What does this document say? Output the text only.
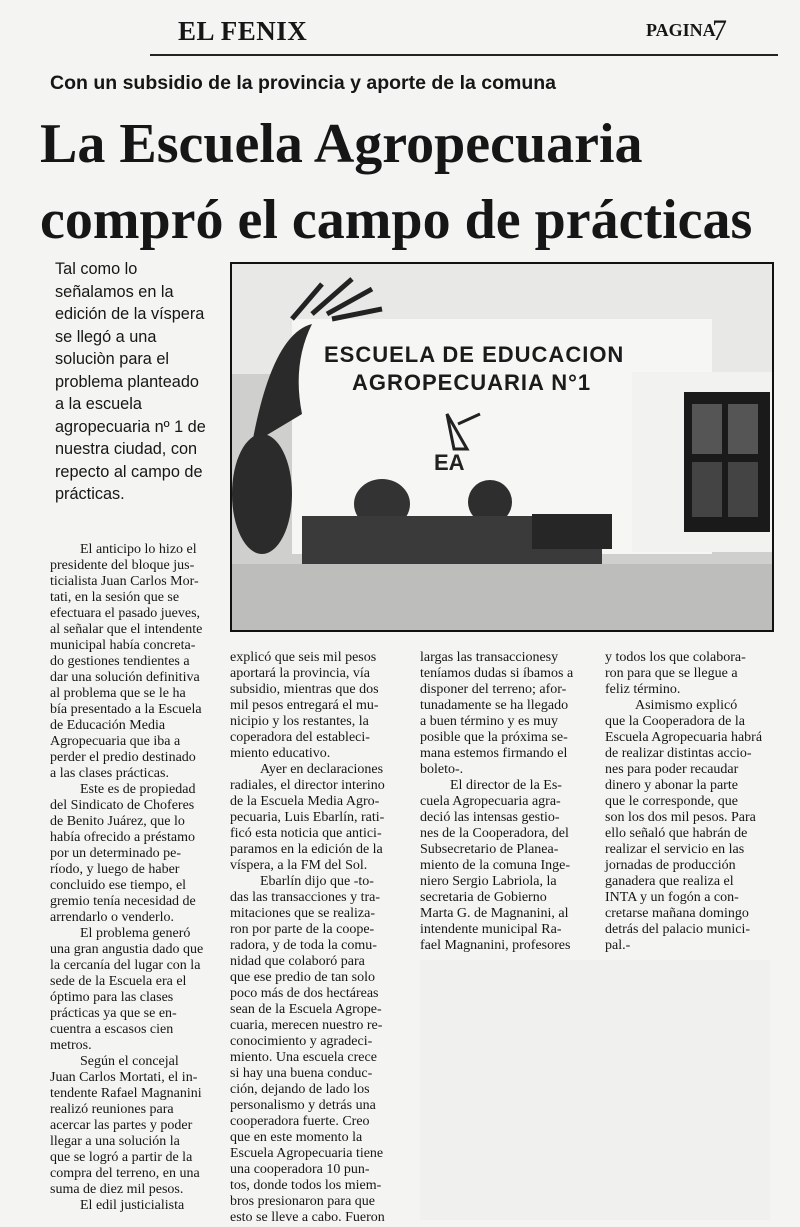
EL FENIX	PAGINA
7
Con un subsidio de la provincia y aporte de la comuna
La Escuela Agropecuaria
compró el campo de prácticas
Tal como lo
señalamos en la
edición de la víspera
se llegó a una
soluciòn para el
problema planteado
a la escuela
agropecuaria nº 1 de
nuestra ciudad, con
repecto al campo de
prácticas.
EA
ESCUELA DE EDUCACION
AGROPECUARIA N°1
El anticipo lo hizo el
presidente del bloque jus-
ticialista Juan Carlos Mor-
tati, en la sesión que se
efectuara el pasado jueves,
al señalar que el intendente
municipal había concreta-
do gestiones tendientes a
dar una solución definitiva
al problema que se le ha
bía presentado a la Escuela
de Educación Media
Agropecuaria que iba a
perder el predio destinado
a las clases prácticas.
Este es de propiedad
del Sindicato de Choferes
de Benito Juárez, que lo
había ofrecido a préstamo
por un determinado pe-
ríodo, y luego de haber
concluido ese tiempo, el
gremio tenía necesidad de
arrendarlo o venderlo.
El problema generó
una gran angustia dado que
la cercanía del lugar con la
sede de la Escuela era el
óptimo para las clases
prácticas ya que se en-
cuentra a escasos cien
metros.
Según el concejal
Juan Carlos Mortati, el in-
tendente Rafael Magnanini
realizó reuniones para
acercar las partes y poder
llegar a una solución la
que se logró a partir de la
compra del terreno, en una
suma de diez mil pesos.
El edil justicialista
explicó que seis mil pesos
aportará la provincia, vía
subsidio, mientras que dos
mil pesos entregará el mu-
nicipio y los restantes, la
coperadora del estableci-
miento educativo.
Ayer en declaraciones
radiales, el director interino
de la Escuela Media Agro-
pecuaria, Luis Ebarlín, rati-
ficó esta noticia que antici-
paramos en la edición de la
víspera, a la FM del Sol.
Ebarlín dijo que -to-
das las transacciones y tra-
mitaciones que se realiza-
ron por parte de la coope-
radora, y de toda la comu-
nidad que colaboró para
que ese predio de tan solo
poco más de dos hectáreas
sean de la Escuela Agrope-
cuaria, merecen nuestro re-
conocimiento y agradeci-
miento. Una escuela crece
si hay una buena conduc-
ción, dejando de lado los
personalismo y detrás una
cooperadora fuerte. Creo
que en este momento la
Escuela Agropecuaria tiene
una cooperadora 10 pun-
tos, donde todos los miem-
bros presionaron para que
esto se lleve a cabo. Fueron
largas las transaccionesy
teníamos dudas si íbamos a
disponer del terreno; afor-
tunadamente se ha llegado
a buen término y es muy
posible que la próxima se-
mana estemos firmando el
boleto-.
El director de la Es-
cuela Agropecuaria agra-
deció las intensas gestio-
nes de la Cooperadora, del
Subsecretario de Planea-
miento de la comuna Inge-
niero Sergio Labriola, la
secretaria de Gobierno
Marta G. de Magnanini, al
intendente municipal Ra-
fael Magnanini, profesores
y todos los que colabora-
ron para que se llegue a
feliz término.
Asimismo explicó
que la Cooperadora de la
Escuela Agropecuaria habrá
de realizar distintas accio-
nes para poder recaudar
dinero y abonar la parte
que le corresponde, que
son los dos mil pesos. Para
ello señaló que habrán de
realizar el servicio en las
jornadas de producción
ganadera que realiza el
INTA y un fogón a con-
cretarse mañana domingo
detrás del palacio munici-
pal.-
